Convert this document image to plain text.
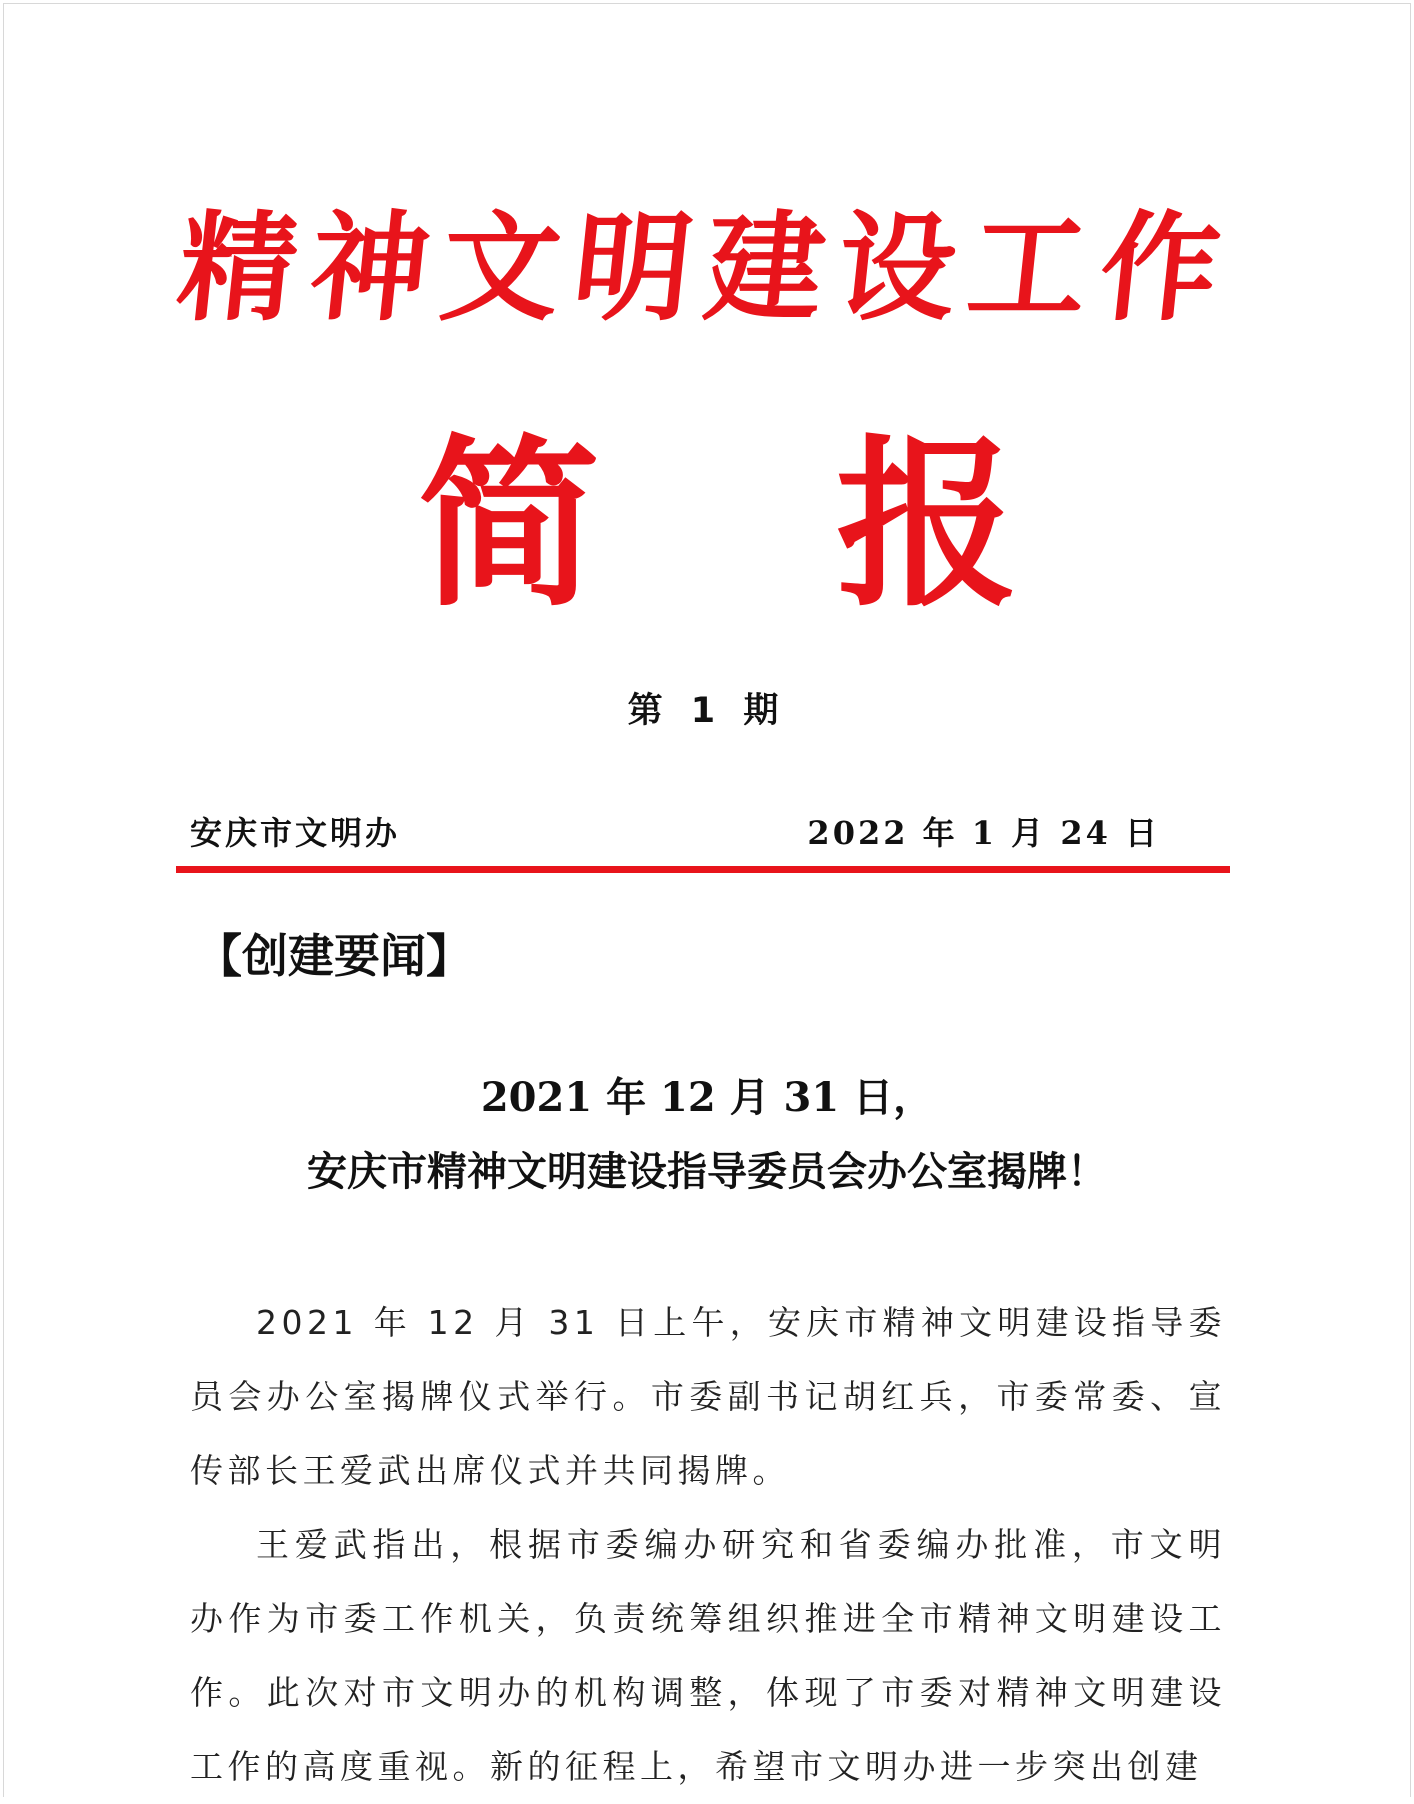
精 神 文 明 建 设 工 作
简 报
第 1 期
安庆市文明办	2022 年 1 月 24 日
【创建要闻】
2021 年 12 月 31 日，
安庆市精神文明建设指导委员会办公室揭牌！

2021 年 12 月 31 日上午，安庆市精神文明建设指导委员会办公室揭牌仪式举行。市委副书记胡红兵，市委常委、宣传部长王爱武出席仪式并共同揭牌。

王爱武指出，根据市委编办研究和省委编办批准，市文明办作为市委工作机关，负责统筹组织推进全市精神文明建设工作。此次对市文明办的机构调整，体现了市委对精神文明建设工作的高度重视。新的征程上，希望市文明办进一步突出创建
